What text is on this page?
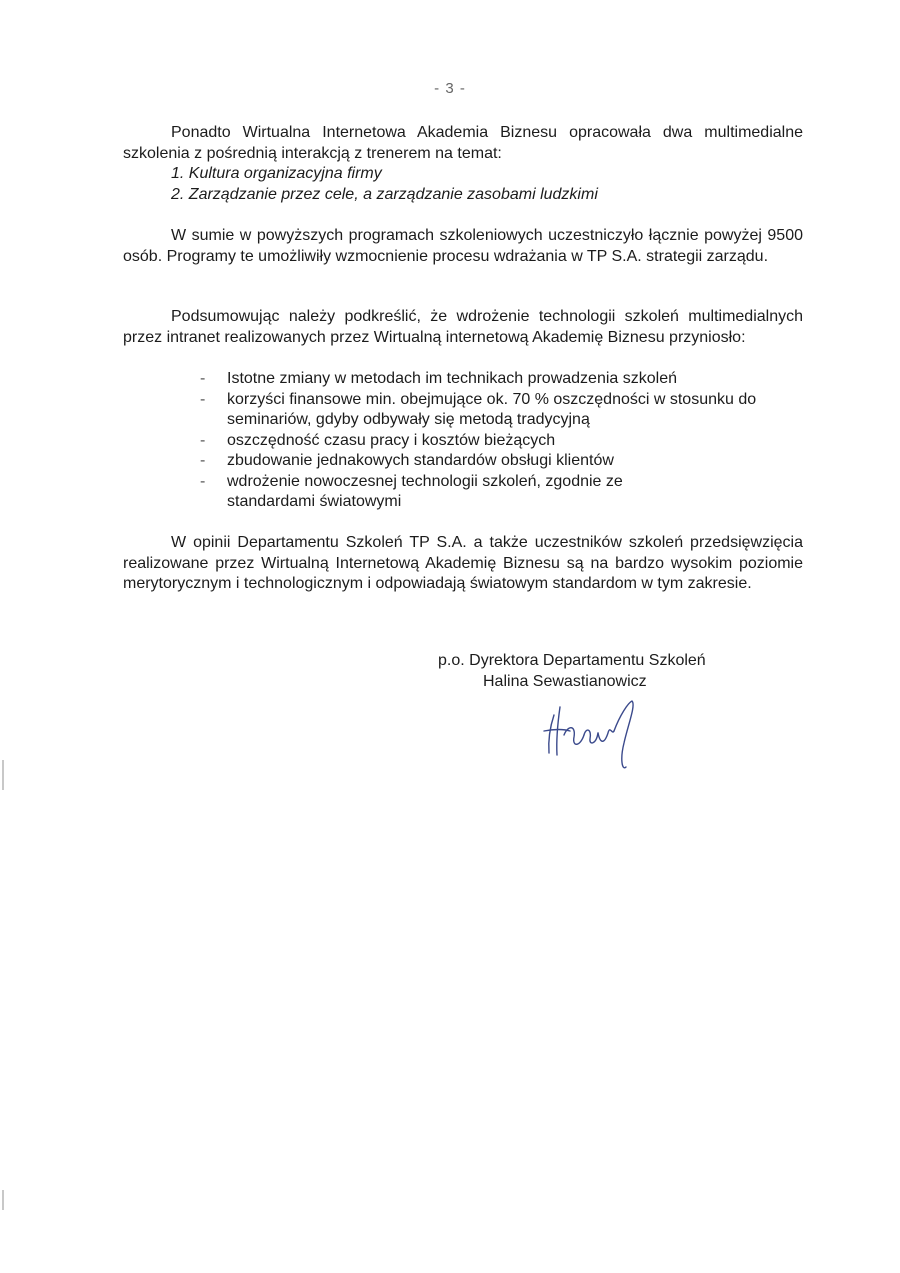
- 3 -

Ponadto Wirtualna Internetowa Akademia Biznesu opracowała dwa multimedialne szkolenia z pośrednią interakcją z trenerem na temat:

1. Kultura organizacyjna firmy
2. Zarządzanie przez cele, a zarządzanie zasobami ludzkimi

W sumie w powyższych programach szkoleniowych uczestniczyło łącznie powyżej 9500 osób. Programy te umożliwiły wzmocnienie procesu wdrażania w TP S.A. strategii zarządu.

Podsumowując należy podkreślić, że wdrożenie technologii szkoleń multimedialnych przez intranet realizowanych przez Wirtualną internetową Akademię Biznesu przyniosło:

-	Istotne zmiany w metodach im technikach prowadzenia szkoleń
-	korzyści finansowe min. obejmujące ok. 70 % oszczędności w stosunku do seminariów, gdyby odbywały się metodą tradycyjną
-	oszczędność czasu pracy i kosztów bieżących
-	zbudowanie jednakowych standardów obsługi klientów
-	wdrożenie nowoczesnej technologii szkoleń, zgodnie ze standardami światowymi

W opinii Departamentu Szkoleń TP S.A. a także uczestników szkoleń przedsięwzięcia realizowane przez Wirtualną Internetową Akademię Biznesu są na bardzo wysokim poziomie merytorycznym i technologicznym i odpowiadają światowym standardom w tym zakresie.

p.o. Dyrektora Departamentu Szkoleń
Halina Sewastianowicz
